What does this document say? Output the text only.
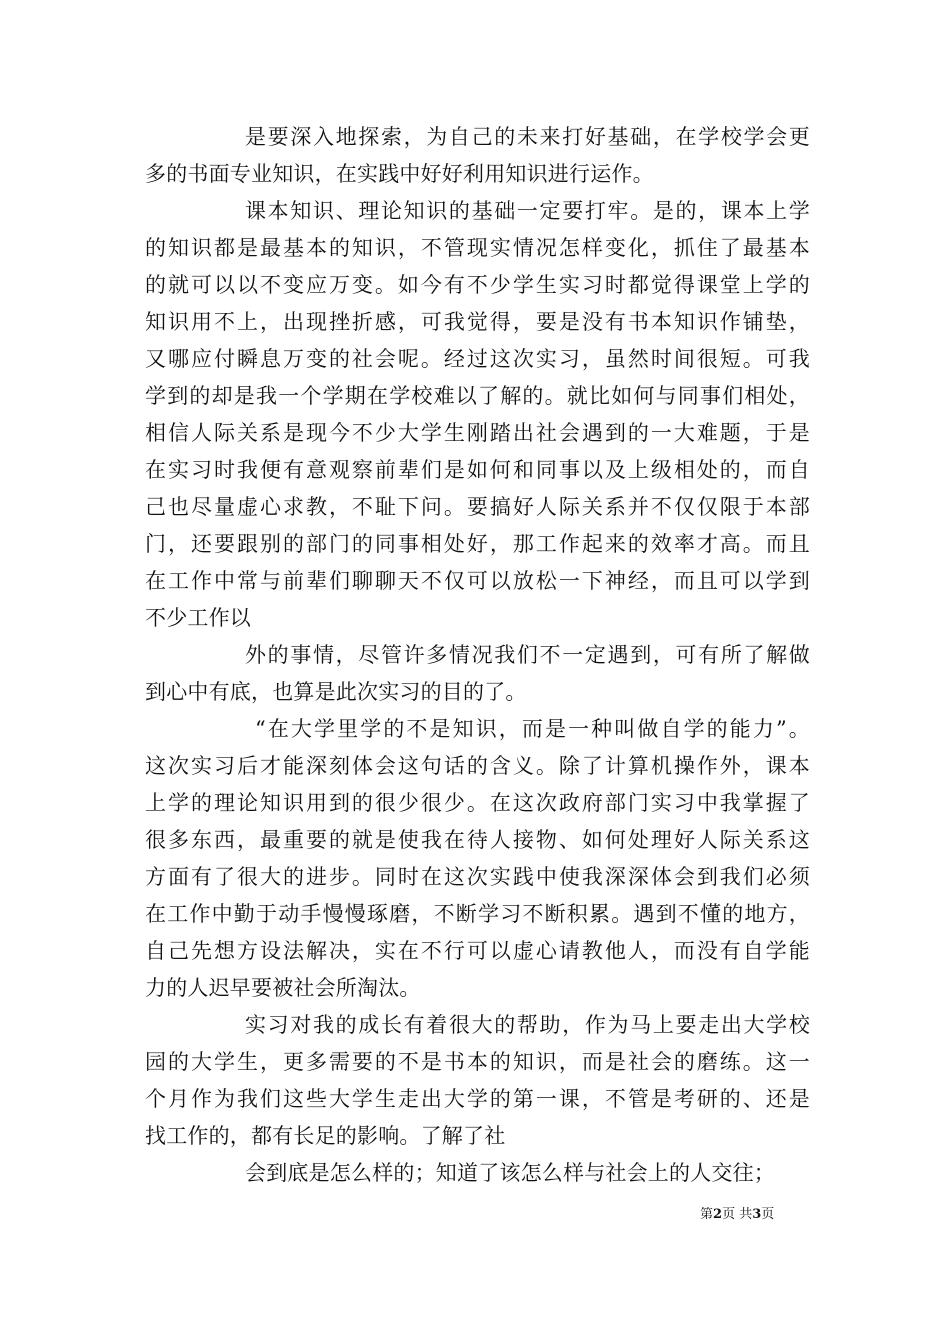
是要深入地探索，为自己的未来打好基础，在学校学会更
多的书面专业知识，在实践中好好利用知识进行运作。
课本知识、理论知识的基础一定要打牢。是的，课本上学
的知识都是最基本的知识，不管现实情况怎样变化，抓住了最基本
的就可以以不变应万变。如今有不少学生实习时都觉得课堂上学的
知识用不上，出现挫折感，可我觉得，要是没有书本知识作铺垫，
又哪应付瞬息万变的社会呢。经过这次实习，虽然时间很短。可我
学到的却是我一个学期在学校难以了解的。就比如何与同事们相处，
相信人际关系是现今不少大学生刚踏出社会遇到的一大难题，于是
在实习时我便有意观察前辈们是如何和同事以及上级相处的，而自
己也尽量虚心求教，不耻下问。要搞好人际关系并不仅仅限于本部
门，还要跟别的部门的同事相处好，那工作起来的效率才高。而且
在工作中常与前辈们聊聊天不仅可以放松一下神经，而且可以学到
不少工作以
外的事情，尽管许多情况我们不一定遇到，可有所了解做
到心中有底，也算是此次实习的目的了。
“在大学里学的不是知识，而是一种叫做自学的能力”。
这次实习后才能深刻体会这句话的含义。除了计算机操作外，课本
上学的理论知识用到的很少很少。在这次政府部门实习中我掌握了
很多东西，最重要的就是使我在待人接物、如何处理好人际关系这
方面有了很大的进步。同时在这次实践中使我深深体会到我们必须
在工作中勤于动手慢慢琢磨，不断学习不断积累。遇到不懂的地方，
自己先想方设法解决，实在不行可以虚心请教他人，而没有自学能
力的人迟早要被社会所淘汰。
实习对我的成长有着很大的帮助，作为马上要走出大学校
园的大学生，更多需要的不是书本的知识，而是社会的磨练。这一
个月作为我们这些大学生走出大学的第一课，不管是考研的、还是
找工作的，都有长足的影响。了解了社
会到底是怎么样的；知道了该怎么样与社会上的人交往；
第2页 共3页
